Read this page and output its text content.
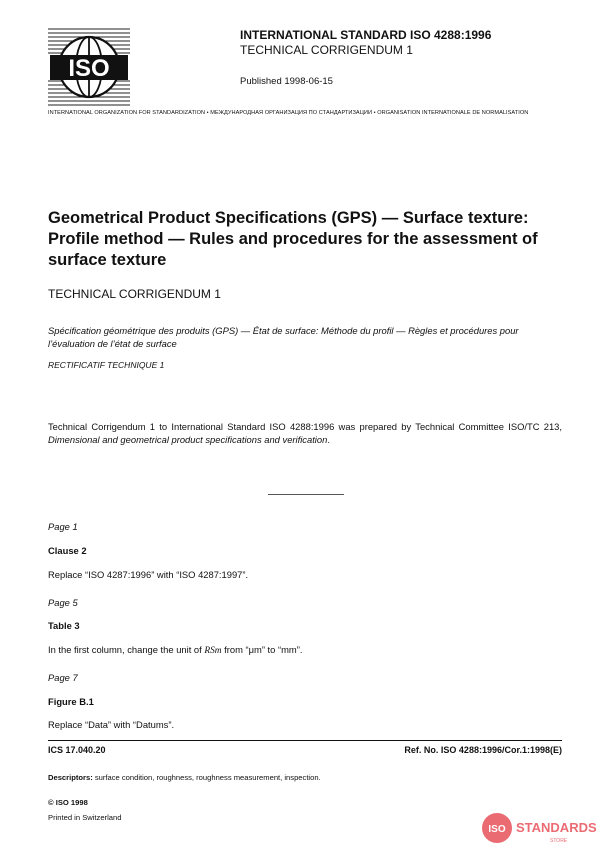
ISO
INTERNATIONAL STANDARD ISO 4288:1996
TECHNICAL CORRIGENDUM 1
Published 1998-06-15
INTERNATIONAL ORGANIZATION FOR STANDARDIZATION • МЕЖДУНАРОДНАЯ ОРГАНИЗАЦИЯ ПО СТАНДАРТИЗАЦИИ • ORGANISATION INTERNATIONALE DE NORMALISATION
Geometrical Product Specifications (GPS) — Surface texture: Profile method — Rules and procedures for the assessment of surface texture
TECHNICAL CORRIGENDUM 1
Spécification géométrique des produits (GPS) — État de surface: Méthode du profil — Règles et procédures pour l’évaluation de l’état de surface
RECTIFICATIF TECHNIQUE 1
Technical Corrigendum 1 to International Standard ISO 4288:1996 was prepared by Technical Committee ISO/TC 213, Dimensional and geometrical product specifications and verification.
Page 1
Clause 2
Replace “ISO 4287:1996” with “ISO 4287:1997”.
Page 5
Table 3
In the first column, change the unit of RSm from “μm” to “mm”.
Page 7
Figure B.1
Replace “Data” with “Datums”.
ICS 17.040.20	Ref. No. ISO 4288:1996/Cor.1:1998(E)
Descriptors: surface condition, roughness, roughness measurement, inspection.
© ISO 1998
Printed in Switzerland
ISO STANDARDS
STORE
